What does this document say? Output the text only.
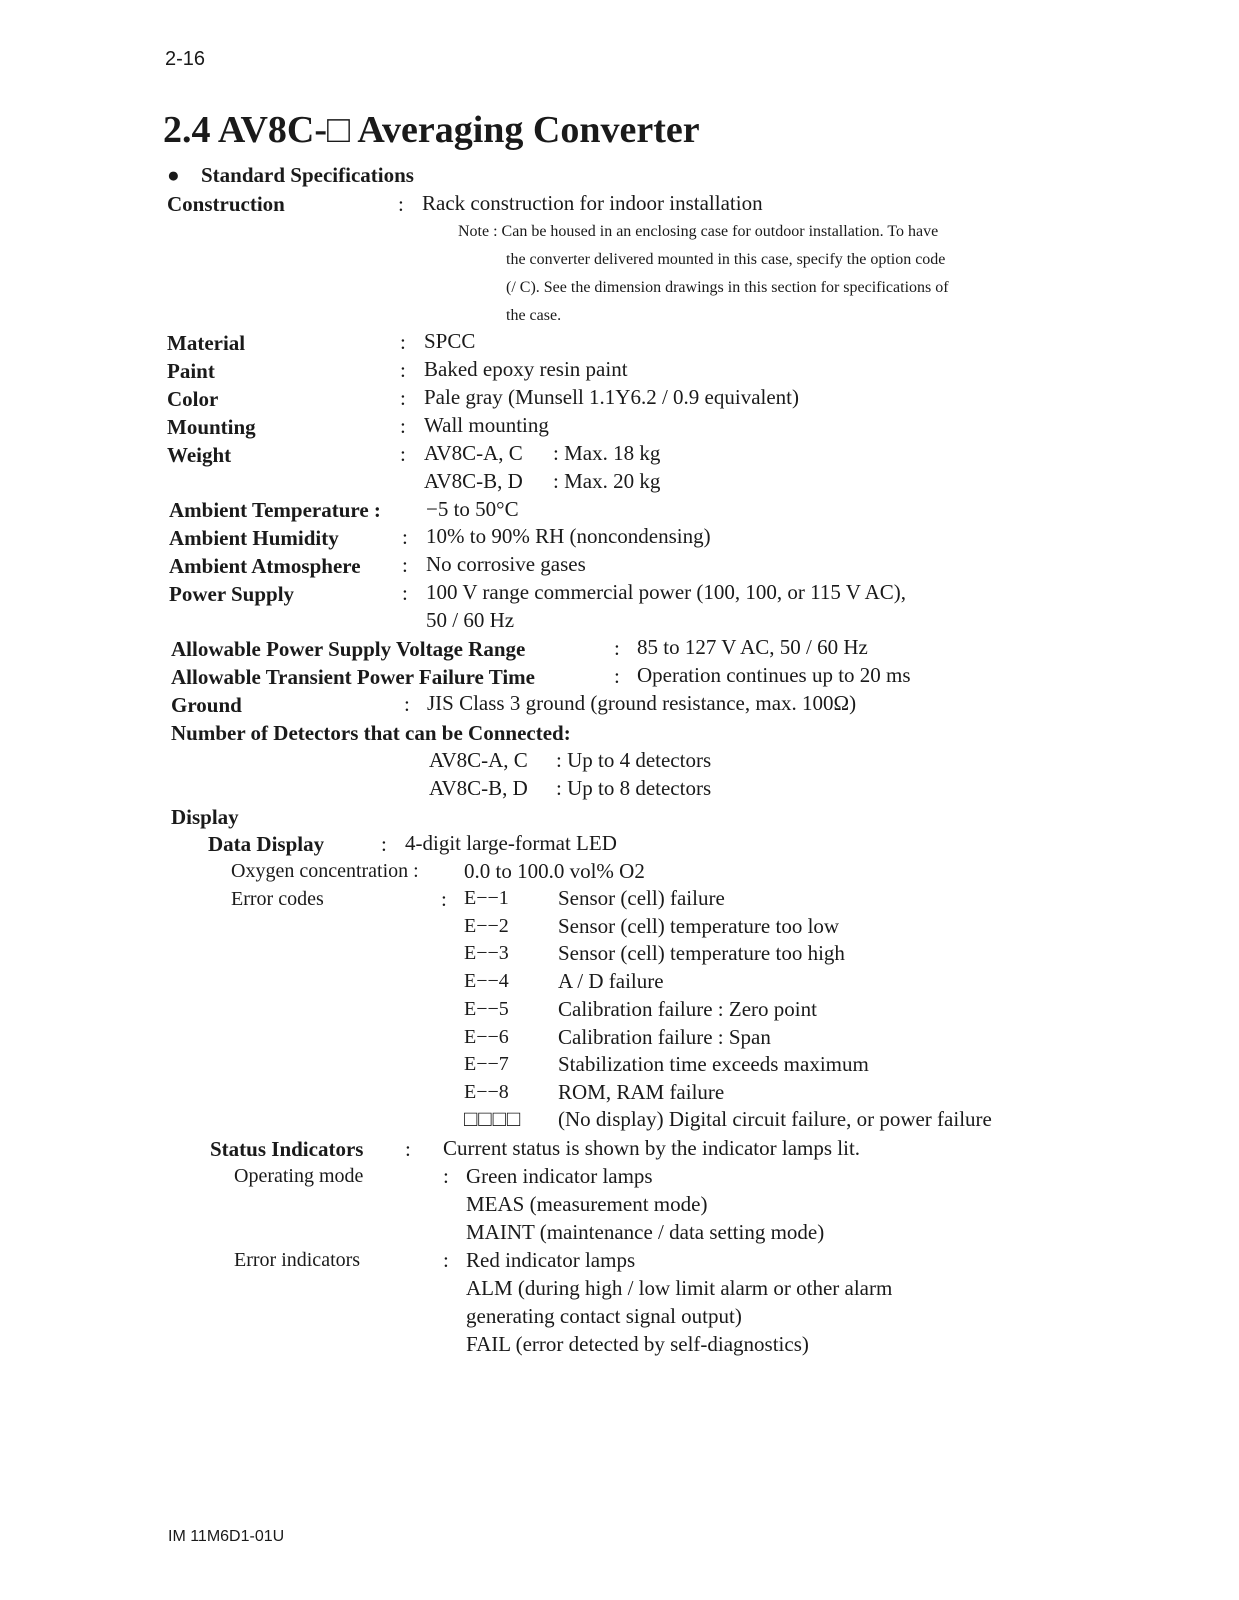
2-16
2.4 AV8C-□ Averaging Converter
● Standard Specifications
Construction	: Rack construction for indoor installation
Note : Can be housed in an enclosing case for outdoor installation. To have
the converter delivered mounted in this case, specify the option code
(/ C). See the dimension drawings in this section for specifications of
the case.
Material	: SPCC
Paint	: Baked epoxy resin paint
Color	: Pale gray (Munsell 1.1Y6.2 / 0.9 equivalent)
Mounting	: Wall mounting
Weight	: AV8C-A, C : Max. 18 kg
AV8C-B, D : Max. 20 kg
Ambient Temperature : −5 to 50°C
Ambient Humidity	: 10% to 90% RH (noncondensing)
Ambient Atmosphere : No corrosive gases
Power Supply	: 100 V range commercial power (100, 100, or 115 V AC),
50 / 60 Hz
Allowable Power Supply Voltage Range	: 85 to 127 V AC, 50 / 60 Hz
Allowable Transient Power Failure Time	: Operation continues up to 20 ms
Ground	: JIS Class 3 ground (ground resistance, max. 100Ω)
Number of Detectors that can be Connected:
AV8C-A, C : Up to 4 detectors
AV8C-B, D : Up to 8 detectors
Display
Data Display	: 4-digit large-format LED
Oxygen concentration : 0.0 to 100.0 vol% O2
Error codes	: E−−1 Sensor (cell) failure
E−−2 Sensor (cell) temperature too low
E−−3 Sensor (cell) temperature too high
E−−4 A / D failure
E−−5 Calibration failure : Zero point
E−−6 Calibration failure : Span
E−−7 Stabilization time exceeds maximum
E−−8 ROM, RAM failure
□□□□ (No display) Digital circuit failure, or power failure
Status Indicators : Current status is shown by the indicator lamps lit.
Operating mode	: Green indicator lamps
MEAS (measurement mode)
MAINT (maintenance / data setting mode)
Error indicators	: Red indicator lamps
ALM (during high / low limit alarm or other alarm
generating contact signal output)
FAIL (error detected by self-diagnostics)
IM 11M6D1-01U
